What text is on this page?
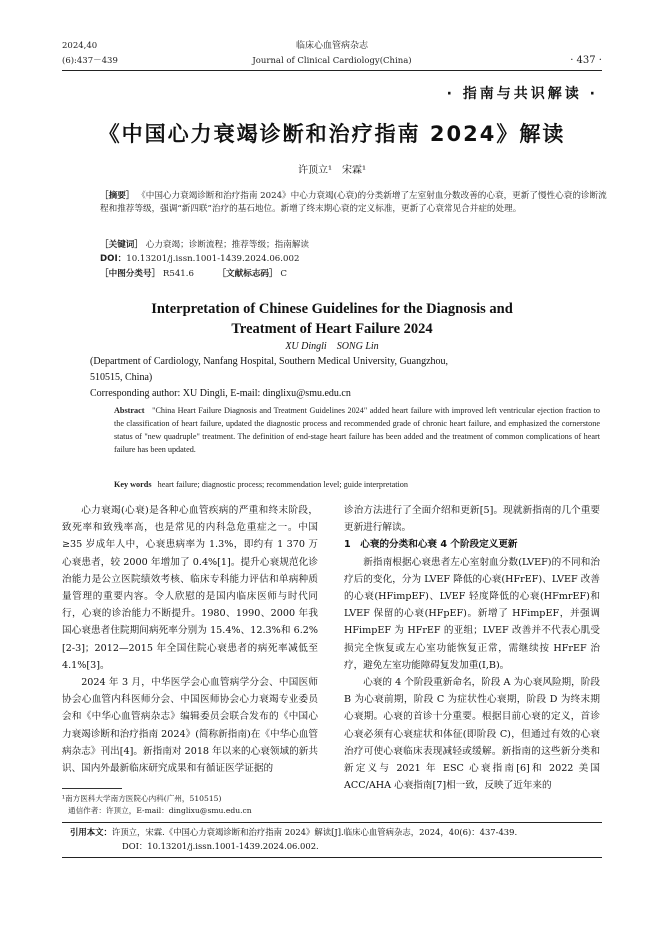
2024,40
(6):437－439
临床心血管病杂志
Journal of Clinical Cardiology(China)	· 437 ·
· 指南与共识解读 ·
《中国心力衰竭诊断和治疗指南 2024》解读
许顶立¹　宋霖¹
［摘要］ 《中国心力衰竭诊断和治疗指南 2024》中心力衰竭(心衰)的分类新增了左室射血分数改善的心衰，更新了慢性心衰的诊断流程和推荐等级，强调“新四联”治疗的基石地位。新增了终末期心衰的定义标准，更新了心衰常见合并症的处理。
［关键词］ 心力衰竭；诊断流程；推荐等级；指南解读
DOI：10.13201/j.issn.1001-1439.2024.06.002
［中图分类号］ R541.6	［文献标志码］ C
Interpretation of Chinese Guidelines for the Diagnosis and
Treatment of Heart Failure 2024
XU Dingli　SONG Lin
(Department of Cardiology, Nanfang Hospital, Southern Medical University, Guangzhou,
510515, China)
Corresponding author: XU Dingli, E-mail: dinglixu@smu.edu.cn
Abstract "China Heart Failure Diagnosis and Treatment Guidelines 2024" added heart failure with improved left ventricular ejection fraction to the classification of heart failure, updated the diagnostic process and recommended grade of chronic heart failure, and emphasized the cornerstone status of "new quadruple" treatment. The definition of end-stage heart failure has been added and the treatment of common complications of heart failure has been updated.
Key words heart failure; diagnostic process; recommendation level; guide interpretation

心力衰竭(心衰)是各种心血管疾病的严重和终末阶段，致死率和致残率高，也是常见的内科急危重症之一。中国≥35 岁成年人中，心衰患病率为 1.3%，即约有 1 370 万心衰患者，较 2000 年增加了 0.4%[1]。提升心衰规范化诊治能力是公立医院绩效考核、临床专科能力评估和单病种质量管理的重要内容。令人欣慰的是国内临床医师与时代同行，心衰的诊治能力不断提升。1980、1990、2000 年我国心衰患者住院期间病死率分别为 15.4%、12.3%和 6.2%[2-3]；2012—2015 年全国住院心衰患者的病死率减低至 4.1%[3]。

2024 年 3 月，中华医学会心血管病学分会、中国医师协会心血管内科医师分会、中国医师协会心力衰竭专业委员会和《中华心血管病杂志》编辑委员会联合发布的《中国心力衰竭诊断和治疗指南 2024》(简称新指南)在《中华心血管病杂志》刊出[4]。新指南对 2018 年以来的心衰领域的新共识、国内外最新临床研究成果和有循证医学证据的

¹南方医科大学南方医院心内科(广州，510515)
通信作者：许顶立，E-mail：dinglixu@smu.edu.cn

诊治方法进行了全面介绍和更新[5]。现就新指南的几个重要更新进行解读。

1　心衰的分类和心衰 4 个阶段定义更新

新指南根据心衰患者左心室射血分数(LVEF)的不同和治疗后的变化，分为 LVEF 降低的心衰(HFrEF)、LVEF 改善的心衰(HFimpEF)、LVEF 轻度降低的心衰(HFmrEF)和 LVEF 保留的心衰(HFpEF)。新增了 HFimpEF，并强调 HFimpEF 为 HFrEF 的亚组；LVEF 改善并不代表心肌受损完全恢复或左心室功能恢复正常，需继续按 HFrEF 治疗，避免左室功能障碍复发加重(Ⅰ,B)。

心衰的 4 个阶段重新命名，阶段 A 为心衰风险期，阶段 B 为心衰前期，阶段 C 为症状性心衰期，阶段 D 为终末期心衰期。心衰的首诊十分重要。根据目前心衰的定义，首诊心衰必须有心衰症状和体征(即阶段 C)，但通过有效的心衰治疗可使心衰临床表现减轻或缓解。新指南的这些新分类和新定义与 2021 年 ESC 心衰指南[6]和 2022 美国 ACC/AHA 心衰指南[7]相一致，反映了近年来的

引用本文：许顶立，宋霖.《中国心力衰竭诊断和治疗指南 2024》解读[J].临床心血管病杂志，2024，40(6)：437-439.
DOI：10.13201/j.issn.1001-1439.2024.06.002.
